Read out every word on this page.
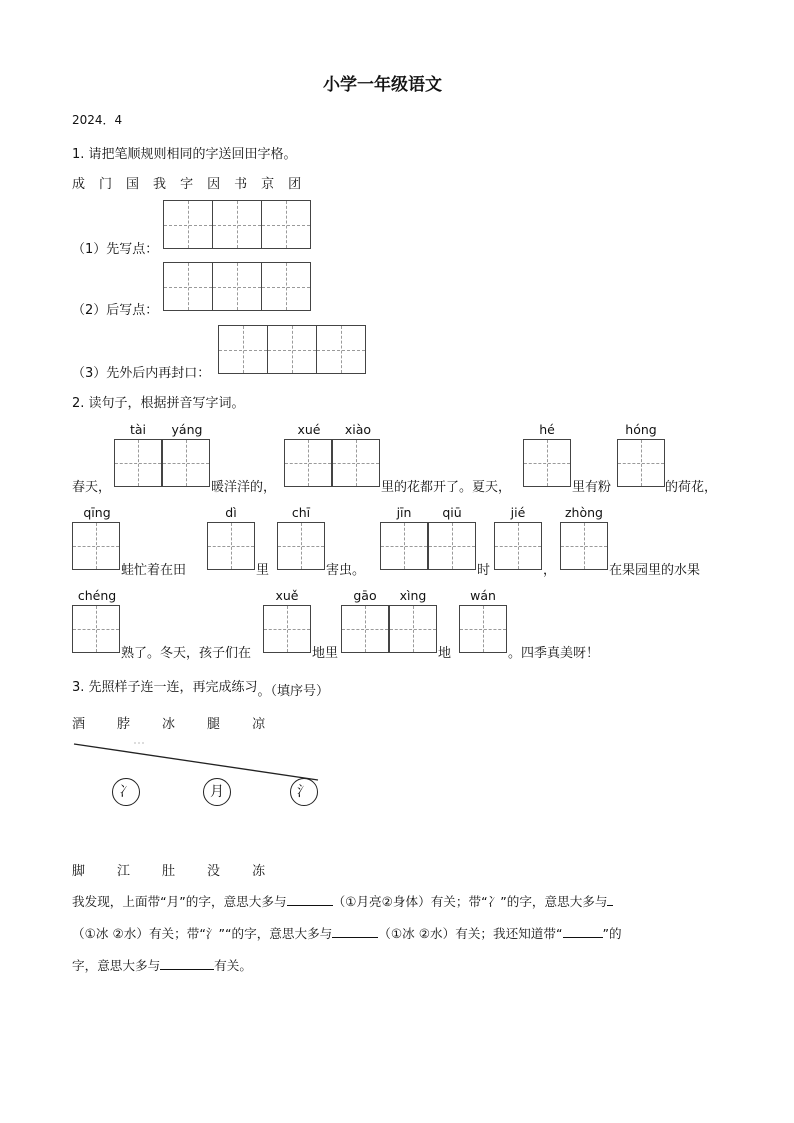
小学一年级语文
2024．4
1. 请把笔顺规则相同的字送回田字格。
成 门 国 我 字 因 书 京 团
（1）先写点：
（2）后写点：
（3）先外后内再封口：
2. 读句子，根据拼音写字词。
tài	yáng	xué	xiào	hé	hóng
春天，	暖洋洋的，	里的花都开了。夏天，	里有粉	的荷花，
qīng	dì	chī	jīn	qiū	jié	zhòng
蛙忙着在田	里	害虫。	时	，	在果园里的水果
chéng	xuě	gāo	xìng	wán
熟了。冬天，孩子们在	地里	地	。四季真美呀！
3. 先照样子连一连，再完成练习。（填序号）
酒 脖 冰 腿 凉
冫	月	氵
脚 江 肚 没 冻
我发现，上面带“月”的字，意思大多与	（①月亮②身体）有关；带“冫”的字，意思大多与
（①冰 ②水）有关；带“氵”“的字，意思大多与	（①冰 ②水）有关；我还知道带“	”的
字，意思大多与	有关。
